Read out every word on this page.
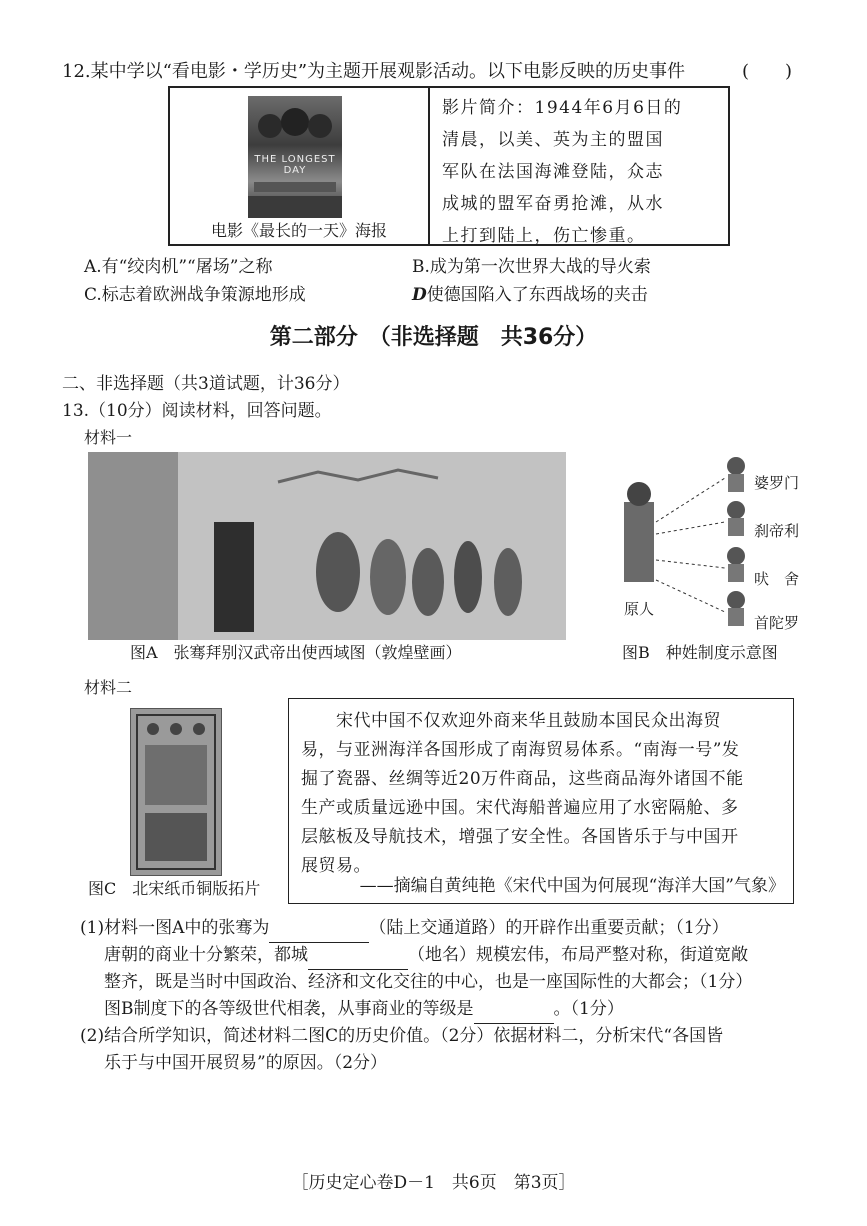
12.某中学以“看电影・学历史”为主题开展观影活动。以下电影反映的历史事件	(　　)
THE LONGEST DAY
电影《最长的一天》海报
影片简介：1944年6月6日的
清晨，以美、英为主的盟国
军队在法国海滩登陆，众志
成城的盟军奋勇抢滩，从水
上打到陆上，伤亡惨重。
A.有“绞肉机”“屠场”之称	B.成为第一次世界大战的导火索
C.标志着欧洲战争策源地形成	D使德国陷入了东西战场的夹击
第二部分　（非选择题　共36分）
二、非选择题（共3道试题，计36分）
13.（10分）阅读材料，回答问题。
材料一
图A　张骞拜别汉武帝出使西域图（敦煌壁画）
原人
婆罗门
刹帝利
吠　舍
首陀罗
图B　种姓制度示意图
材料二
图C　北宋纸币铜版拓片
　　宋代中国不仅欢迎外商来华且鼓励本国民众出海贸
易，与亚洲海洋各国形成了南海贸易体系。“南海一号”发
掘了瓷器、丝绸等近20万件商品，这些商品海外诸国不能
生产或质量远逊中国。宋代海船普遍应用了水密隔舱、多
层舷板及导航技术，增强了安全性。各国皆乐于与中国开
展贸易。
——摘编自黄纯艳《宋代中国为何展现“海洋大国”气象》
(1)材料一图A中的张骞为	（陆上交通道路）的开辟作出重要贡献；（1分）
唐朝的商业十分繁荣，都城	（地名）规模宏伟，布局严整对称，街道宽敞
整齐，既是当时中国政治、经济和文化交往的中心，也是一座国际性的大都会；（1分）
图B制度下的各等级世代相袭，从事商业的等级是	。（1分）
(2)结合所学知识，简述材料二图C的历史价值。（2分）依据材料二，分析宋代“各国皆
乐于与中国开展贸易”的原因。（2分）
［历史定心卷D－1　共6页　第3页］
